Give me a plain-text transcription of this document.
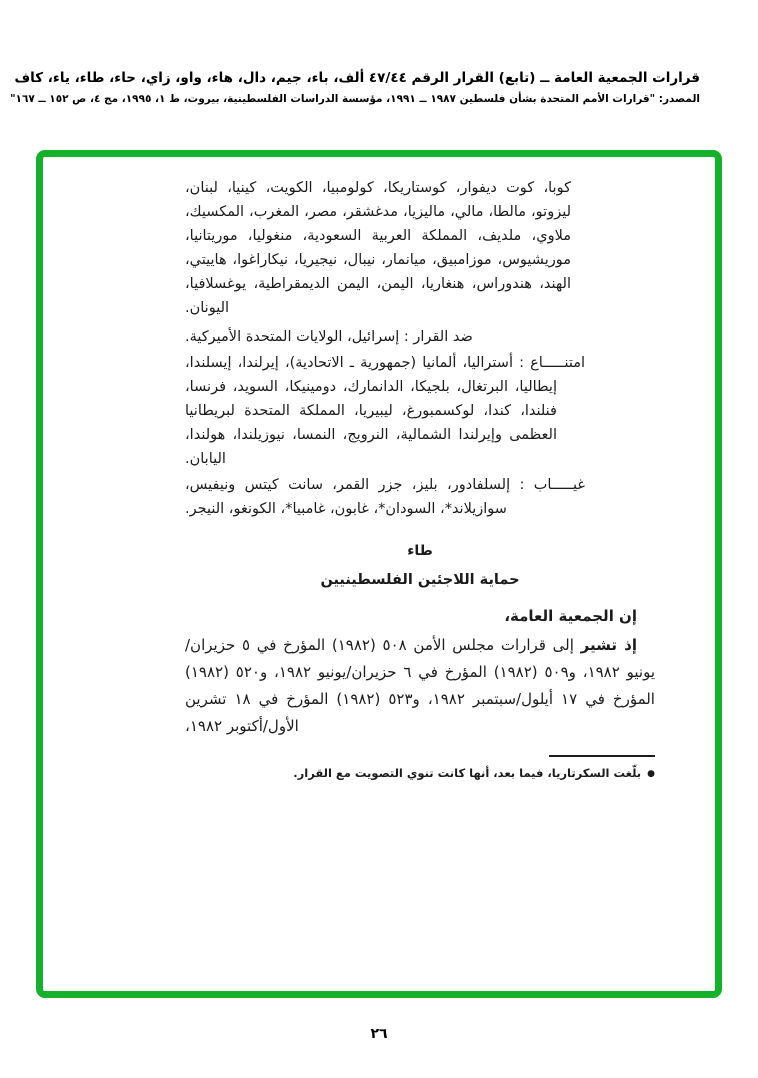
قرارات الجمعية العامة ــ (تابع) القرار الرقم ٤٧/٤٤ ألف، باء، جيم، دال، هاء، واو، زاي، حاء، طاء، ياء، كاف
المصدر: "قرارات الأمم المتحدة بشأن فلسطين ١٩٨٧ ــ ١٩٩١، مؤسسة الدراسات الفلسطينية، بيروت، ط ١، ١٩٩٥، مج ٤، ص ١٥٢ ــ ١٦٧"
كوبا، كوت ديفوار، كوستاريكا، كولومبيا، الكويت، كينيا، لبنان، ليزوتو، مالطا، مالي، ماليزيا، مدغشقر، مصر، المغرب، المكسيك، ملاوي، ملديف، المملكة العربية السعودية، منغوليا، موريتانيا، موريشيوس، موزامبيق، ميانمار، نيبال، نيجيريا، نيكاراغوا، هاييتي، الهند، هندوراس، هنغاريا، اليمن، اليمن الديمقراطية، يوغسلافيا، اليونان.
ضد القرار : إسرائيل، الولايات المتحدة الأميركية.
امتنـــــاع : أستراليا، ألمانيا (جمهورية ـ الاتحادية)، إيرلندا، إيسلندا، إيطاليا، البرتغال، بلجيكا، الدانمارك، دومينيكا، السويد، فرنسا، فنلندا، كندا، لوكسمبورغ، ليبيريا، المملكة المتحدة لبريطانيا العظمى وإيرلندا الشمالية، النرويج، النمسا، نيوزيلندا، هولندا، اليابان.
غيـــــاب : إلسلفادور، بليز، جزر القمر، سانت كيتس ونيفيس، سوازيلاند*، السودان*، غابون، غامبيا*، الكونغو، النيجر.
طاء
حماية اللاجئين الفلسطينيين
إن الجمعية العامة،
إذ تشير إلى قرارات مجلس الأمن ٥٠٨ (١٩٨٢) المؤرخ في ٥ حزيران/يونيو ١٩٨٢، و٥٠٩ (١٩٨٢) المؤرخ في ٦ حزيران/يونيو ١٩٨٢، و٥٢٠ (١٩٨٢) المؤرخ في ١٧ أيلول/سبتمبر ١٩٨٢، و٥٢٣ (١٩٨٢) المؤرخ في ١٨ تشرين الأول/أكتوبر ١٩٨٢،
●بلّغت السكرتاريا، فيما بعد، أنها كانت تنوي التصويت مع القرار.
٢٦
